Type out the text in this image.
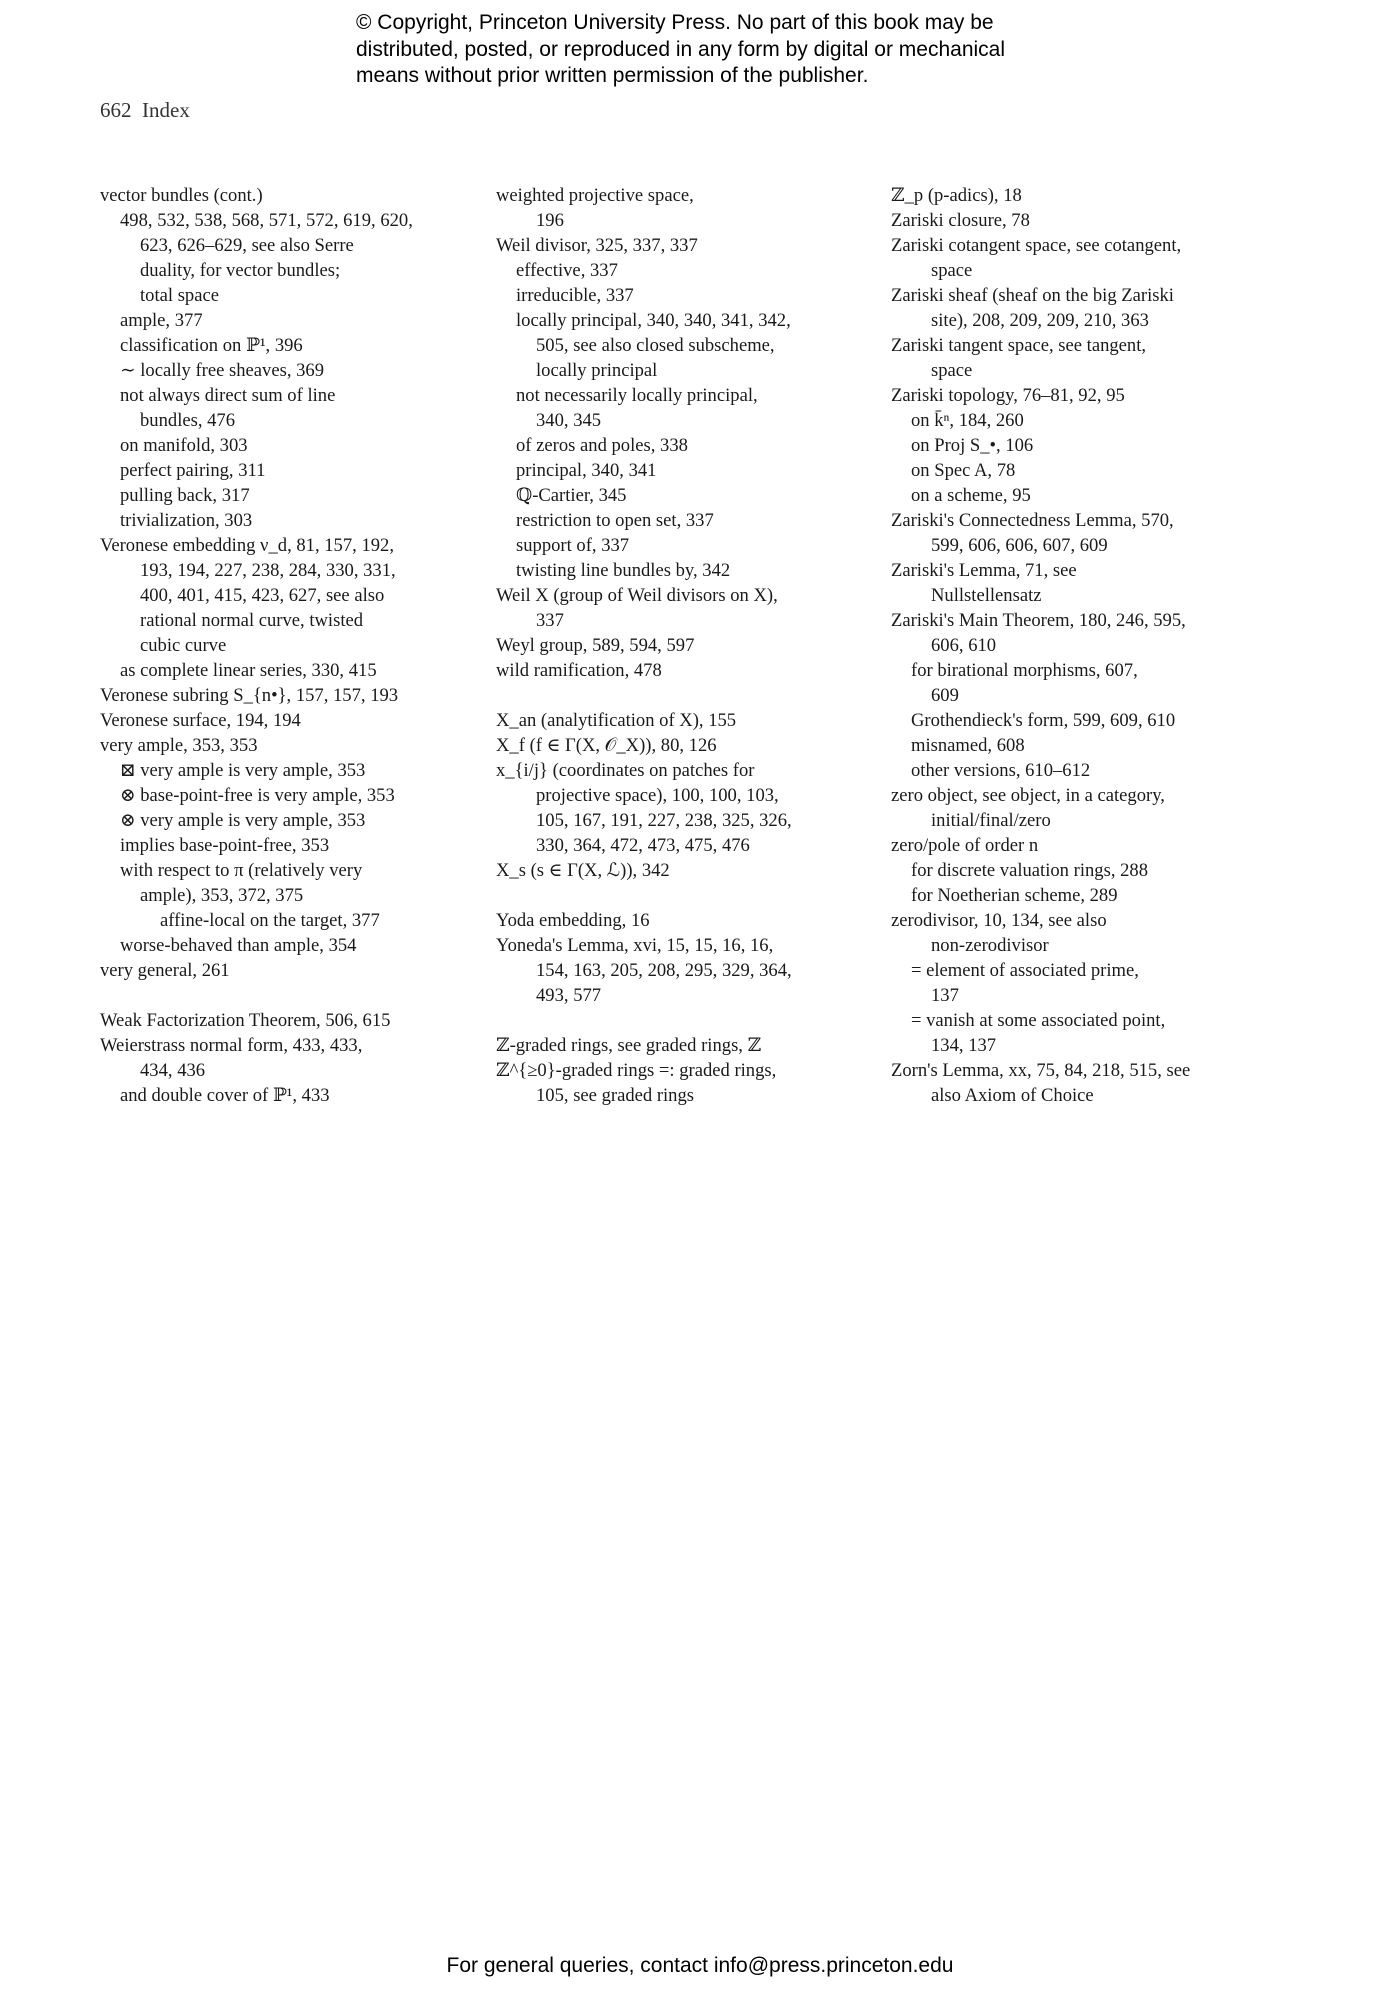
© Copyright, Princeton University Press. No part of this book may be
distributed, posted, or reproduced in any form by digital or mechanical
means without prior written permission of the publisher.
662 Index
vector bundles (cont.)
498, 532, 538, 568, 571, 572, 619, 620,
623, 626–629, see also Serre
duality, for vector bundles;
total space
ample, 377
classification on ℙ¹, 396
∼ locally free sheaves, 369
not always direct sum of line
bundles, 476
on manifold, 303
perfect pairing, 311
pulling back, 317
trivialization, 303
Veronese embedding ν_d, 81, 157, 192,
193, 194, 227, 238, 284, 330, 331,
400, 401, 415, 423, 627, see also
rational normal curve, twisted
cubic curve
as complete linear series, 330, 415
Veronese subring S_{n•}, 157, 157, 193
Veronese surface, 194, 194
very ample, 353, 353
⊠ very ample is very ample, 353
⊗ base-point-free is very ample, 353
⊗ very ample is very ample, 353
implies base-point-free, 353
with respect to π (relatively very
ample), 353, 372, 375
affine-local on the target, 377
worse-behaved than ample, 354
very general, 261
Weak Factorization Theorem, 506, 615
Weierstrass normal form, 433, 433,
434, 436
and double cover of ℙ¹, 433
weighted projective space,
196
Weil divisor, 325, 337, 337
effective, 337
irreducible, 337
locally principal, 340, 340, 341, 342,
505, see also closed subscheme,
locally principal
not necessarily locally principal,
340, 345
of zeros and poles, 338
principal, 340, 341
ℚ-Cartier, 345
restriction to open set, 337
support of, 337
twisting line bundles by, 342
Weil X (group of Weil divisors on X),
337
Weyl group, 589, 594, 597
wild ramification, 478
X_an (analytification of X), 155
X_f (f ∈ Γ(X, 𝒪_X)), 80, 126
x_{i/j} (coordinates on patches for
projective space), 100, 100, 103,
105, 167, 191, 227, 238, 325, 326,
330, 364, 472, 473, 475, 476
X_s (s ∈ Γ(X, ℒ)), 342
Yoda embedding, 16
Yoneda's Lemma, xvi, 15, 15, 16, 16,
154, 163, 205, 208, 295, 329, 364,
493, 577
ℤ-graded rings, see graded rings, ℤ
ℤ^{≥0}-graded rings =: graded rings,
105, see graded rings
ℤ_p (p-adics), 18
Zariski closure, 78
Zariski cotangent space, see cotangent,
space
Zariski sheaf (sheaf on the big Zariski
site), 208, 209, 209, 210, 363
Zariski tangent space, see tangent,
space
Zariski topology, 76–81, 92, 95
on k̄ⁿ, 184, 260
on Proj S_•, 106
on Spec A, 78
on a scheme, 95
Zariski's Connectedness Lemma, 570,
599, 606, 606, 607, 609
Zariski's Lemma, 71, see
Nullstellensatz
Zariski's Main Theorem, 180, 246, 595,
606, 610
for birational morphisms, 607,
609
Grothendieck's form, 599, 609, 610
misnamed, 608
other versions, 610–612
zero object, see object, in a category,
initial/final/zero
zero/pole of order n
for discrete valuation rings, 288
for Noetherian scheme, 289
zerodivisor, 10, 134, see also
non-zerodivisor
= element of associated prime,
137
= vanish at some associated point,
134, 137
Zorn's Lemma, xx, 75, 84, 218, 515, see
also Axiom of Choice
For general queries, contact info@press.princeton.edu
